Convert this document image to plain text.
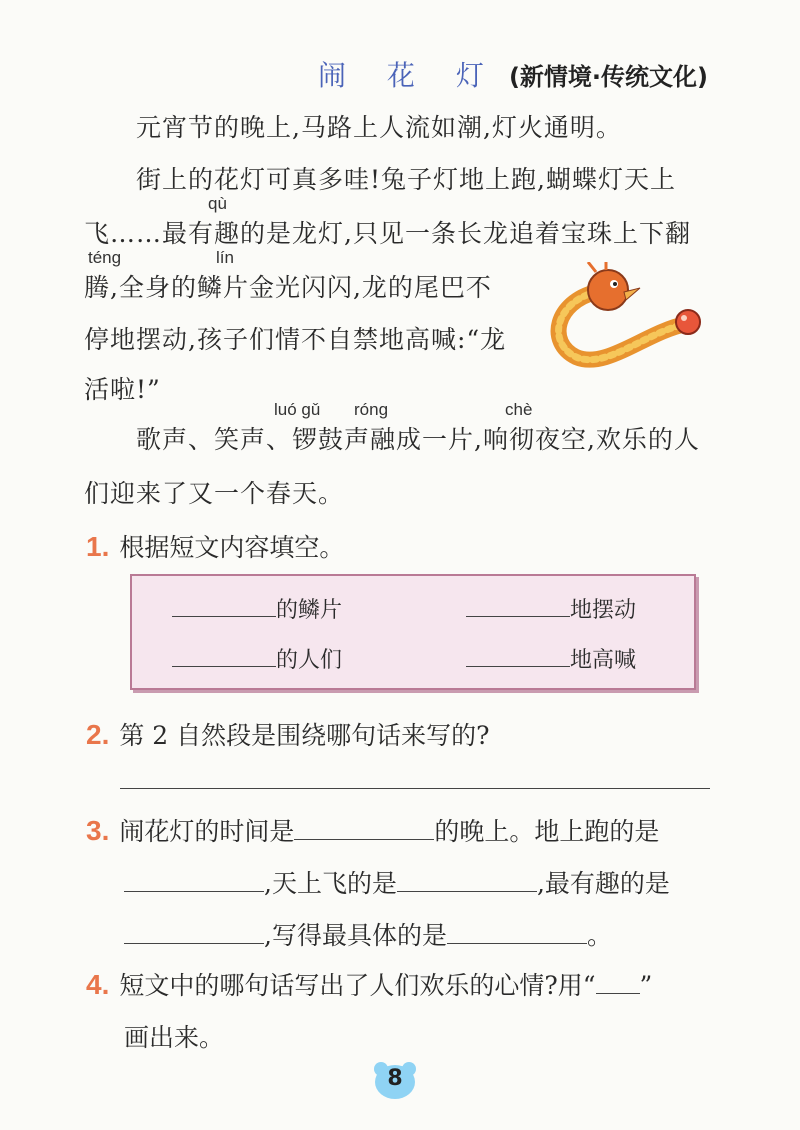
闹 花 灯 (新情境·传统文化)
元宵节的晚上,马路上人流如潮,灯火通明。
街上的花灯可真多哇!兔子灯地上跑,蝴蝶灯天上
qù
飞……最有趣的是龙灯,只见一条长龙追着宝珠上下翻
téng	lín
腾,全身的鳞片金光闪闪,龙的尾巴不
停地摆动,孩子们情不自禁地高喊:“龙
活啦!”
luó gǔ róng	chè
歌声、笑声、锣鼓声融成一片,响彻夜空,欢乐的人
们迎来了又一个春天。
1. 根据短文内容填空。
的鳞片	地摆动
的人们	地高喊
2. 第 2 自然段是围绕哪句话来写的?
3. 闹花灯的时间是	的晚上。地上跑的是
,天上飞的是	,最有趣的是
,写得最具体的是	。
4. 短文中的哪句话写出了人们欢乐的心情?用“ ”
画出来。
8
